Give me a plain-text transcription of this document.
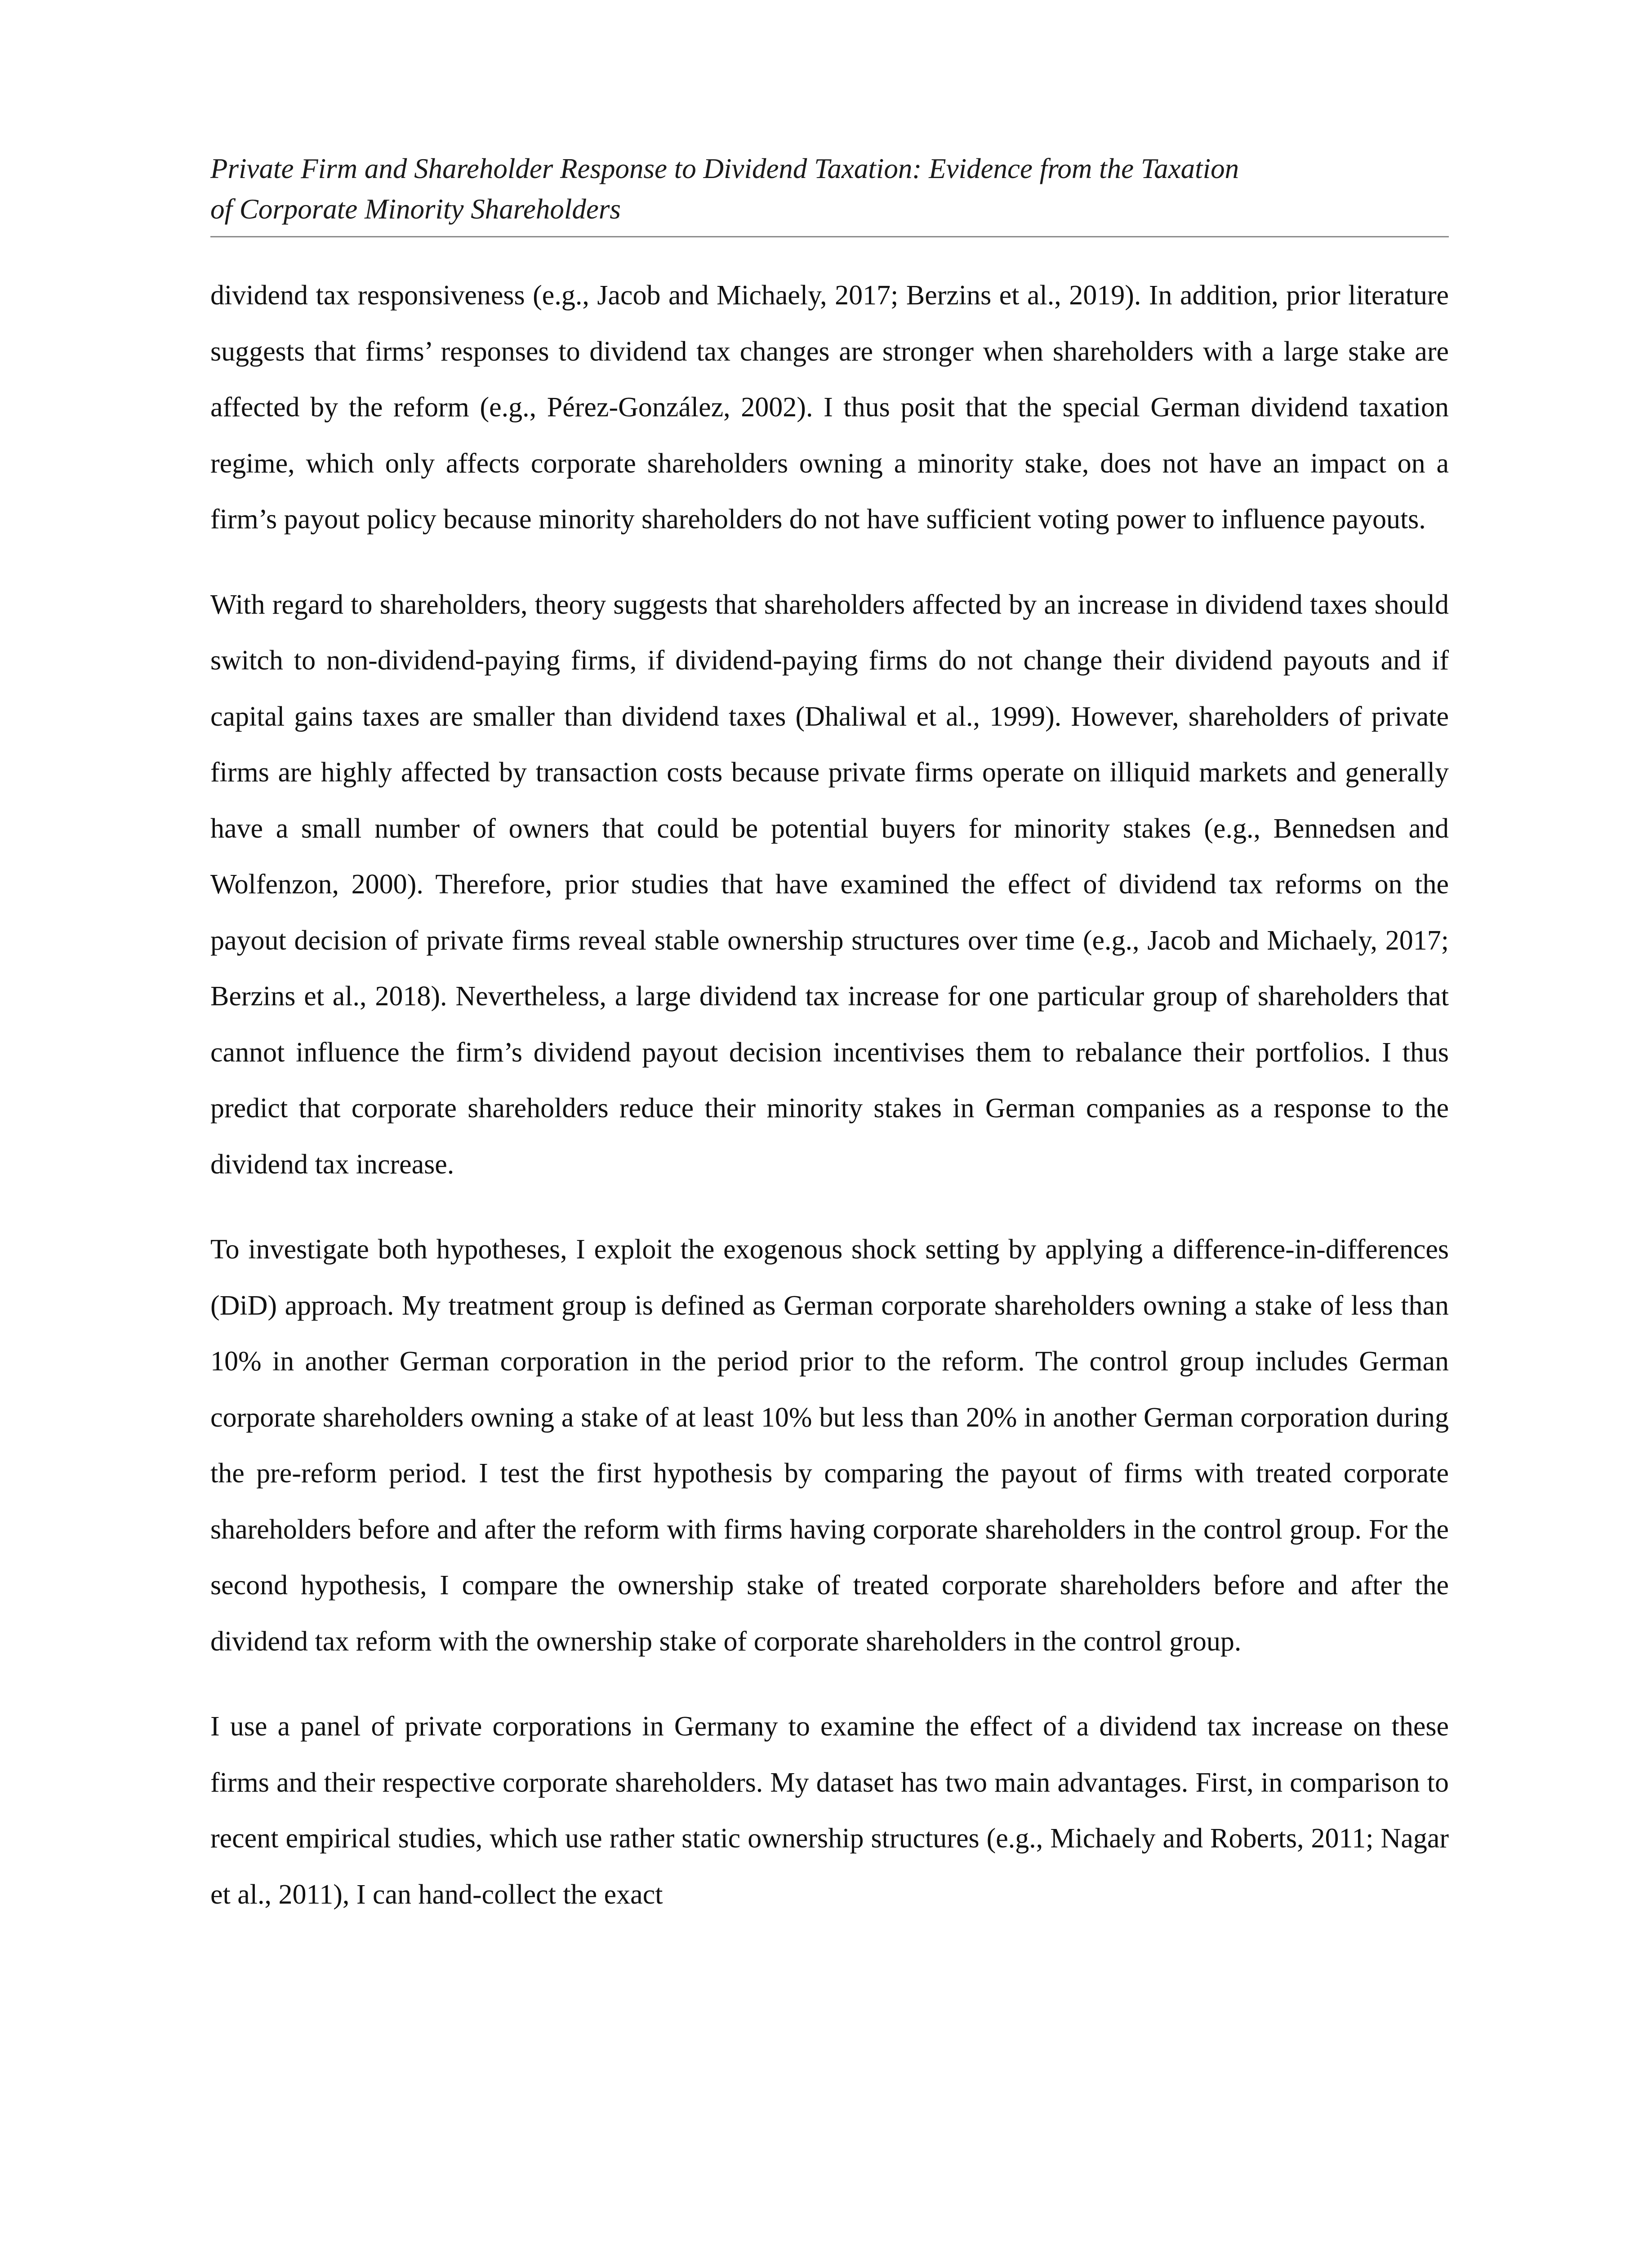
Private Firm and Shareholder Response to Dividend Taxation: Evidence from the Taxation
of Corporate Minority Shareholders

dividend tax responsiveness (e.g., Jacob and Michaely, 2017; Berzins et al., 2019). In addition, prior literature suggests that firms’ responses to dividend tax changes are stronger when shareholders with a large stake are affected by the reform (e.g., Pérez-González, 2002). I thus posit that the special German dividend taxation regime, which only affects corporate shareholders owning a minority stake, does not have an impact on a firm’s payout policy because minority shareholders do not have sufficient voting power to influence payouts.

With regard to shareholders, theory suggests that shareholders affected by an increase in dividend taxes should switch to non-dividend-paying firms, if dividend-paying firms do not change their dividend payouts and if capital gains taxes are smaller than dividend taxes (Dhaliwal et al., 1999). However, shareholders of private firms are highly affected by transaction costs because private firms operate on illiquid markets and generally have a small number of owners that could be potential buyers for minority stakes (e.g., Bennedsen and Wolfenzon, 2000). Therefore, prior studies that have examined the effect of dividend tax reforms on the payout decision of private firms reveal stable ownership structures over time (e.g., Jacob and Michaely, 2017; Berzins et al., 2018). Nevertheless, a large dividend tax increase for one particular group of shareholders that cannot influence the firm’s dividend payout decision incentivises them to rebalance their portfolios. I thus predict that corporate shareholders reduce their minority stakes in German companies as a response to the dividend tax increase.

To investigate both hypotheses, I exploit the exogenous shock setting by applying a difference-in-differences (DiD) approach. My treatment group is defined as German corporate shareholders owning a stake of less than 10% in another German corporation in the period prior to the reform. The control group includes German corporate shareholders owning a stake of at least 10% but less than 20% in another German corporation during the pre-reform period. I test the first hypothesis by comparing the payout of firms with treated corporate shareholders before and after the reform with firms having corporate shareholders in the control group. For the second hypothesis, I compare the ownership stake of treated corporate shareholders before and after the dividend tax reform with the ownership stake of corporate shareholders in the control group.

I use a panel of private corporations in Germany to examine the effect of a dividend tax increase on these firms and their respective corporate shareholders. My dataset has two main advantages. First, in comparison to recent empirical studies, which use rather static ownership structures (e.g., Michaely and Roberts, 2011; Nagar et al., 2011), I can hand-collect the exact
